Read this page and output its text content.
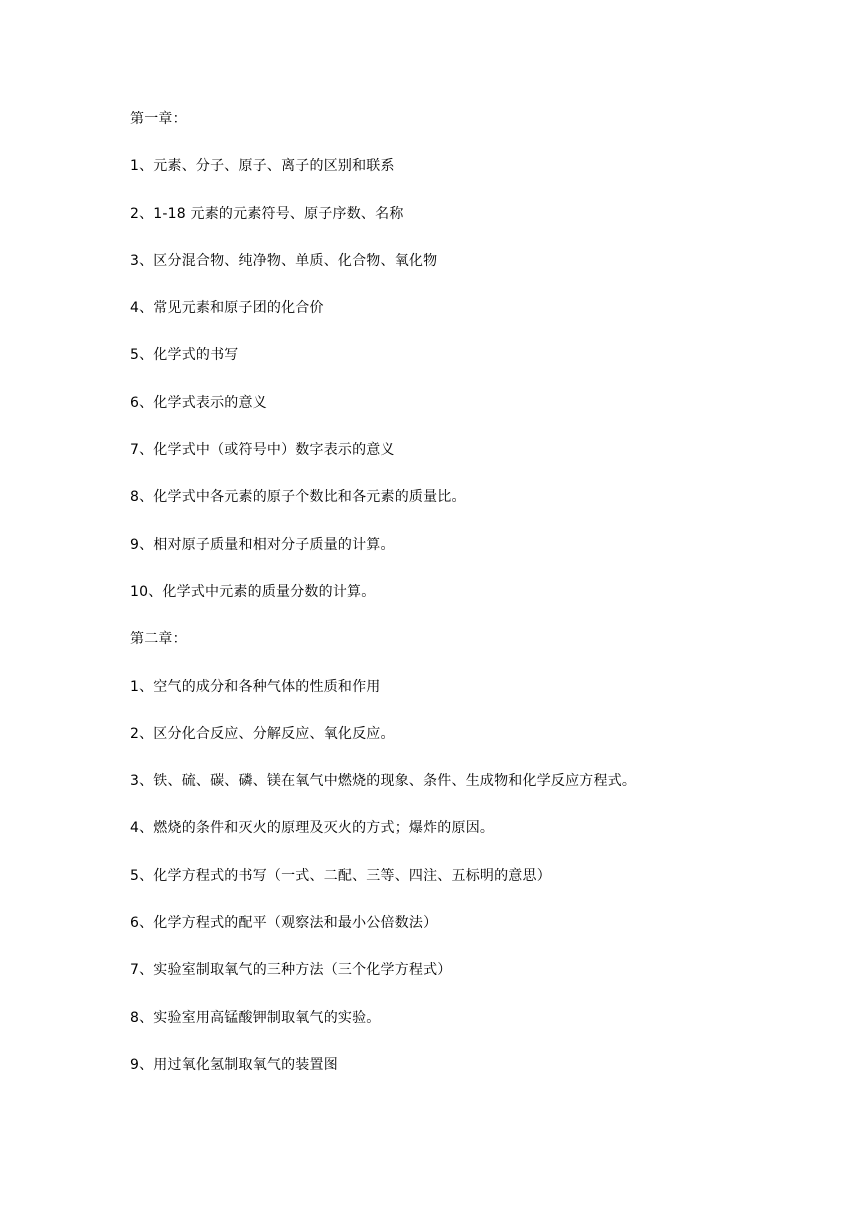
第一章：
1、元素、分子、原子、离子的区别和联系
2、1-18 元素的元素符号、原子序数、名称
3、区分混合物、纯净物、单质、化合物、氧化物
4、常见元素和原子团的化合价
5、化学式的书写
6、化学式表示的意义
7、化学式中（或符号中）数字表示的意义
8、化学式中各元素的原子个数比和各元素的质量比。
9、相对原子质量和相对分子质量的计算。
10、化学式中元素的质量分数的计算。
第二章：
1、空气的成分和各种气体的性质和作用
2、区分化合反应、分解反应、氧化反应。
3、铁、硫、碳、磷、镁在氧气中燃烧的现象、条件、生成物和化学反应方程式。
4、燃烧的条件和灭火的原理及灭火的方式；爆炸的原因。
5、化学方程式的书写（一式、二配、三等、四注、五标明的意思）
6、化学方程式的配平（观察法和最小公倍数法）
7、实验室制取氧气的三种方法（三个化学方程式）
8、实验室用高锰酸钾制取氧气的实验。
9、用过氧化氢制取氧气的装置图
